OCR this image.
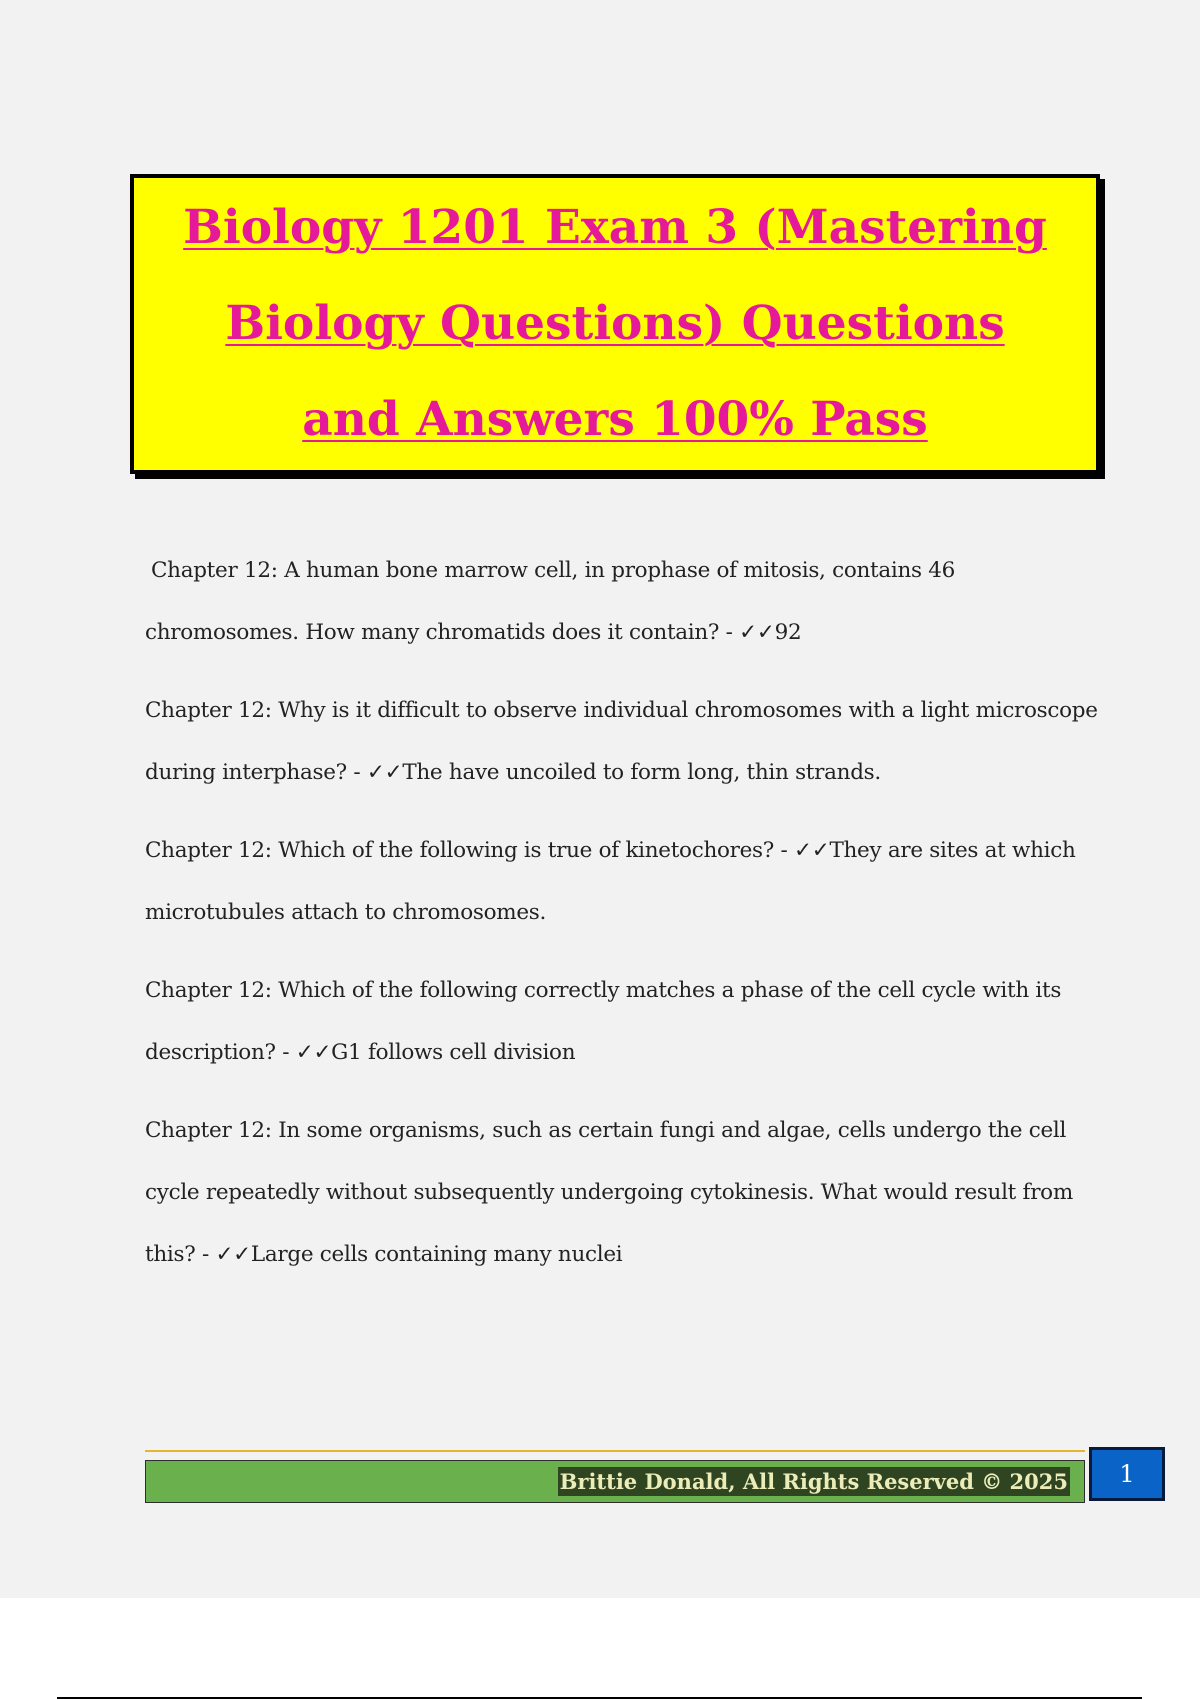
Biology 1201 Exam 3 (Mastering Biology Questions) Questions and Answers 100% Pass

Chapter 12: A human bone marrow cell, in prophase of mitosis, contains 46 chromosomes. How many chromatids does it contain? - ✓✓92

Chapter 12: Why is it difficult to observe individual chromosomes with a light microscope during interphase? - ✓✓The have uncoiled to form long, thin strands.

Chapter 12: Which of the following is true of kinetochores? - ✓✓They are sites at which microtubules attach to chromosomes.

Chapter 12: Which of the following correctly matches a phase of the cell cycle with its description? - ✓✓G1 follows cell division

Chapter 12: In some organisms, such as certain fungi and algae, cells undergo the cell cycle repeatedly without subsequently undergoing cytokinesis. What would result from this? - ✓✓Large cells containing many nuclei

Brittie Donald, All Rights Reserved © 2025	1
